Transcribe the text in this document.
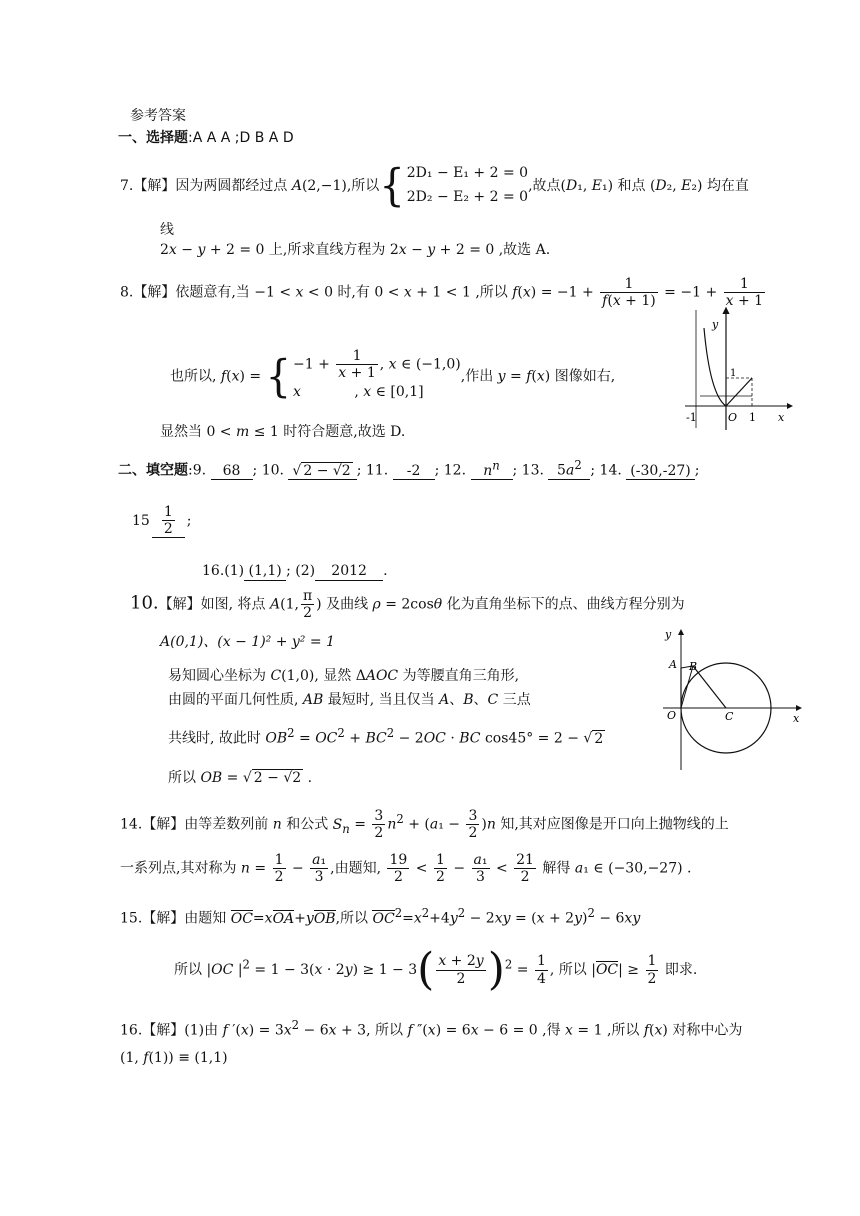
参考答案
一、选择题:A A A ;D B A D
7.【解】因为两圆都经过点 A(2,−1),所以{ 2D₁ − E₁ + 2 = 0
2D₂ − E₂ + 2 = 0
,故点(D₁, E₁) 和点 (D₂, E₂) 均在直
线
2x − y + 2 = 0 上,所求直线方程为 2x − y + 2 = 0 ,故选 A.
8.【解】依题意有,当 −1 < x < 0 时,有 0 < x + 1 < 1 ,所以 $f(x) = -1 + \frac{1}{f(x + 1)} = -1 + \frac{1}{x + 1}$
也所以, f(x) = { $-1 + \frac{1}{x + 1}$ , x ∈ (−1,0)
x            , x ∈ [0,1]
,作出 y = f(x) 图像如右,
显然当 0 < m ≤ 1 时符合题意,故选 D.
y
x
O
-1	1
1
二、填空题:9. 68 ; 10. √ 2 − √2 ; 11. -2 ; 12. $n^n$ ; 13. $5a^2$ ; 14. (-30,-27) ;
$15 \frac{1}{2}$ ;
16.(1) (1,1) ; (2) 2012 .
10.【解】如图, 将点 A(1, $\frac{\pi}{2}$ ) 及曲线 ρ = 2cosθ 化为直角坐标下的点、曲线方程分别为
A(0,1)、(x − 1)² + y² = 1
易知圆心坐标为 C(1,0), 显然 ΔAOC 为等腰直角三角形,
由圆的平面几何性质, AB 最短时, 当且仅当 A、B、C 三点
共线时, 故此时 $OB^2 = OC^2 + BC^2 - 2OC$ · BC cos45° = 2 − √ 2
所以 OB = √ 2 − √2 .
y
x
O
A B
C
14.【解】由等差数列前 n 和公式 $S_n = \frac{3}{2} n^2 + (a_1 - \frac{3}{2} )n$ 知,其对应图像是开口向上抛物线的上
一系列点,其对称为 $n = \frac{1}{2} - \frac{\text{a₁}}{3}$ ,由题知, $\frac{19}{2} < \frac{1}{2} - \frac{\text{a₁}}{3} < \frac{21}{2}$ 解得 a₁ ∈ (−30,−27) .
15.【解】由题知 OC=xOA+yOB,所以 $OC^2=x^2+4y^2 - 2xy = (x + 2y)^2 - 6xy$
所以 |OC $|^2 = 1 - 3(x \cdot 2y) \ge 1 - 3( \frac{x + 2y}{2} )^2 = \frac{1}{4}$ , 所以 $|OC| \ge \frac{1}{2}$ 即求.
16.【解】(1)由 f $'(x) = 3x^2 - 6x + 3$, 所以 f ″(x) = 6x − 6 = 0 ,得 x = 1 ,所以 f(x) 对称中心为
(1, f(1)) ≡ (1,1)
